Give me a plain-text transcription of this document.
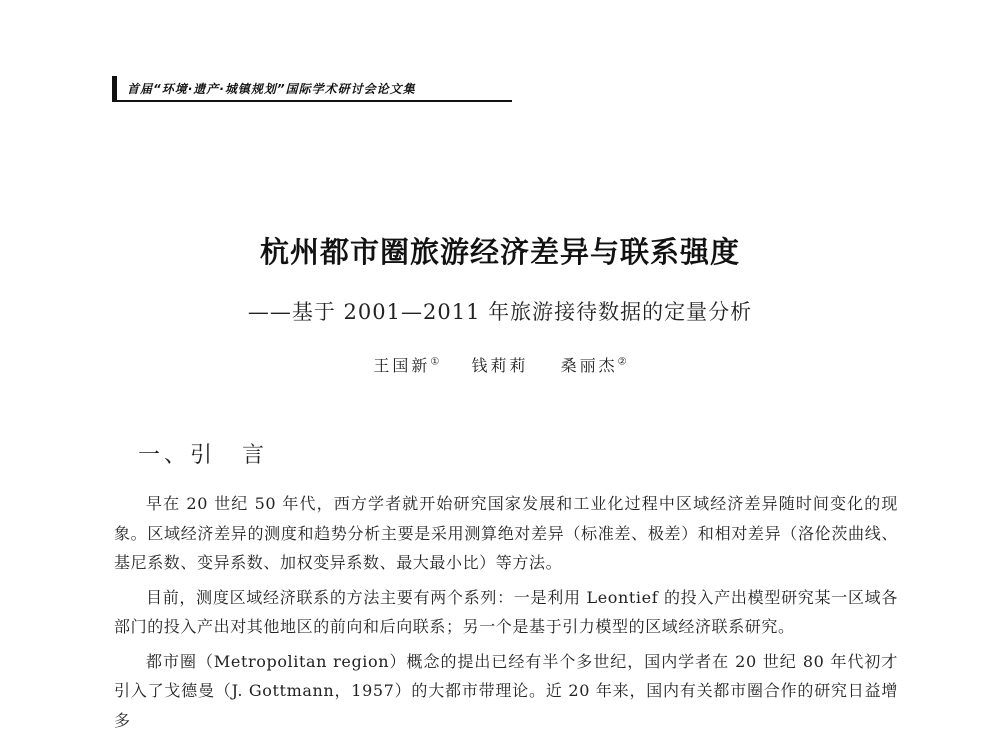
首届“环境·遗产·城镇规划”国际学术研讨会论文集
杭州都市圈旅游经济差异与联系强度
——基于 2001—2011 年旅游接待数据的定量分析
王国新① 钱莉莉 桑丽杰②
一、引　言

早在 20 世纪 50 年代，西方学者就开始研究国家发展和工业化过程中区域经济差异随时间变化的现象。区域经济差异的测度和趋势分析主要是采用测算绝对差异（标准差、极差）和相对差异（洛伦茨曲线、基尼系数、变异系数、加权变异系数、最大最小比）等方法。

目前，测度区域经济联系的方法主要有两个系列：一是利用 Leontief 的投入产出模型研究某一区域各部门的投入产出对其他地区的前向和后向联系；另一个是基于引力模型的区域经济联系研究。

都市圈（Metropolitan region）概念的提出已经有半个多世纪，国内学者在 20 世纪 80 年代初才引入了戈德曼（J. Gottmann，1957）的大都市带理论。近 20 年来，国内有关都市圈合作的研究日益增多
